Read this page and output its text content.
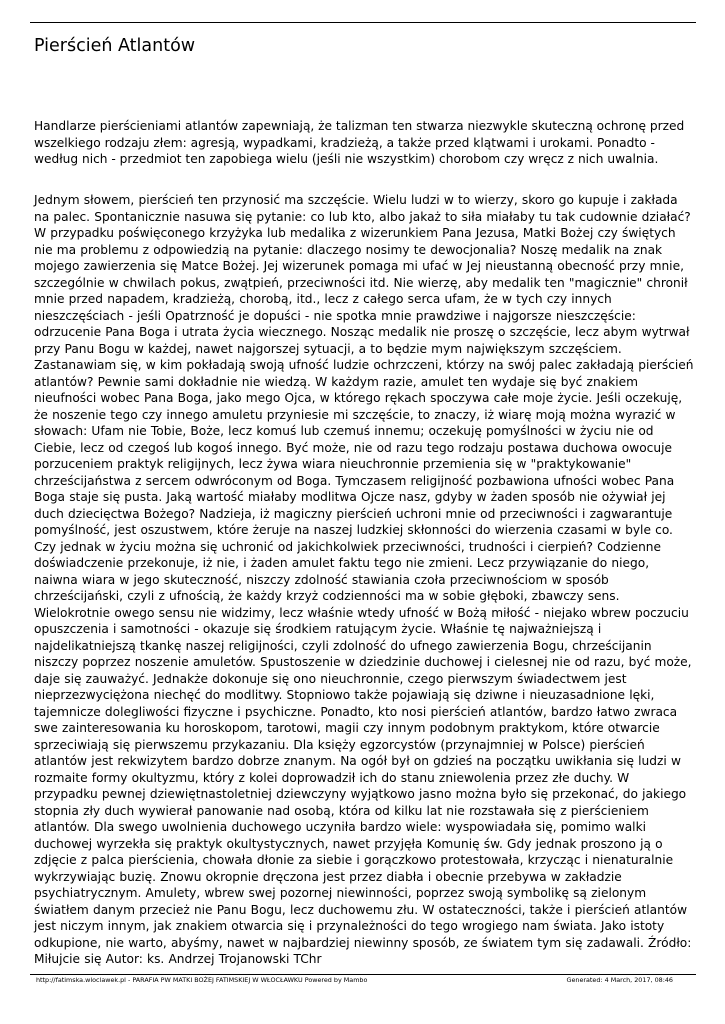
Pierścień Atlantów

Handlarze pierścieniami atlantów zapewniają, że talizman ten stwarza niezwykle skuteczną ochronę przed wszelkiego rodzaju złem: agresją, wypadkami, kradzieżą, a także przed klątwami i urokami. Ponadto - według nich - przedmiot ten zapobiega wielu (jeśli nie wszystkim) chorobom czy wręcz z nich uwalnia.

Jednym słowem, pierścień ten przynosić ma szczęście. Wielu ludzi w to wierzy, skoro go kupuje i zakłada na palec. Spontanicznie nasuwa się pytanie: co lub kto, albo jakaż to siła miałaby tu tak cudownie działać? W przypadku poświęconego krzyżyka lub medalika z wizerunkiem Pana Jezusa, Matki Bożej czy świętych nie ma problemu z odpowiedzią na pytanie: dlaczego nosimy te dewocjonalia? Noszę medalik na znak mojego zawierzenia się Matce Bożej. Jej wizerunek pomaga mi ufać w Jej nieustanną obecność przy mnie, szczególnie w chwilach pokus, zwątpień, przeciwności itd. Nie wierzę, aby medalik ten "magicznie" chronił mnie przed napadem, kradzieżą, chorobą, itd., lecz z całego serca ufam, że w tych czy innych nieszczęściach - jeśli Opatrzność je dopuści - nie spotka mnie prawdziwe i najgorsze nieszczęście: odrzucenie Pana Boga i utrata życia wiecznego. Nosząc medalik nie proszę o szczęście, lecz abym wytrwał przy Panu Bogu w każdej, nawet najgorszej sytuacji, a to będzie mym największym szczęściem. Zastanawiam się, w kim pokładają swoją ufność ludzie ochrzczeni, którzy na swój palec zakładają pierścień atlantów? Pewnie sami dokładnie nie wiedzą. W każdym razie, amulet ten wydaje się być znakiem nieufności wobec Pana Boga, jako mego Ojca, w którego rękach spoczywa całe moje życie. Jeśli oczekuję, że noszenie tego czy innego amuletu przyniesie mi szczęście, to znaczy, iż wiarę moją można wyrazić w słowach: Ufam nie Tobie, Boże, lecz komuś lub czemuś innemu; oczekuję pomyślności w życiu nie od Ciebie, lecz od czegoś lub kogoś innego. Być może, nie od razu tego rodzaju postawa duchowa owocuje porzuceniem praktyk religijnych, lecz żywa wiara nieuchronnie przemienia się w "praktykowanie" chrześcijaństwa z sercem odwróconym od Boga. Tymczasem religijność pozbawiona ufności wobec Pana Boga staje się pusta. Jaką wartość miałaby modlitwa Ojcze nasz, gdyby w żaden sposób nie ożywiał jej duch dziecięctwa Bożego? Nadzieja, iż magiczny pierścień uchroni mnie od przeciwności i zagwarantuje pomyślność, jest oszustwem, które żeruje na naszej ludzkiej skłonności do wierzenia czasami w byle co. Czy jednak w życiu można się uchronić od jakichkolwiek przeciwności, trudności i cierpień? Codzienne doświadczenie przekonuje, iż nie, i żaden amulet faktu tego nie zmieni. Lecz przywiązanie do niego, naiwna wiara w jego skuteczność, niszczy zdolność stawiania czoła przeciwnościom w sposób chrześcijański, czyli z ufnością, że każdy krzyż codzienności ma w sobie głęboki, zbawczy sens. Wielokrotnie owego sensu nie widzimy, lecz właśnie wtedy ufność w Bożą miłość - niejako wbrew poczuciu opuszczenia i samotności - okazuje się środkiem ratującym życie. Właśnie tę najważniejszą i najdelikatniejszą tkankę naszej religijności, czyli zdolność do ufnego zawierzenia Bogu, chrześcijanin niszczy poprzez noszenie amuletów. Spustoszenie w dziedzinie duchowej i cielesnej nie od razu, być może, daje się zauważyć. Jednakże dokonuje się ono nieuchronnie, czego pierwszym świadectwem jest nieprzezwyciężona niechęć do modlitwy. Stopniowo także pojawiają się dziwne i nieuzasadnione lęki, tajemnicze dolegliwości fizyczne i psychiczne. Ponadto, kto nosi pierścień atlantów, bardzo łatwo zwraca swe zainteresowania ku horoskopom, tarotowi, magii czy innym podobnym praktykom, które otwarcie sprzeciwiają się pierwszemu przykazaniu. Dla księży egzorcystów (przynajmniej w Polsce) pierścień atlantów jest rekwizytem bardzo dobrze znanym. Na ogół był on gdzieś na początku uwikłania się ludzi w rozmaite formy okultyzmu, który z kolei doprowadził ich do stanu zniewolenia przez złe duchy. W przypadku pewnej dziewiętnastoletniej dziewczyny wyjątkowo jasno można było się przekonać, do jakiego stopnia zły duch wywierał panowanie nad osobą, która od kilku lat nie rozstawała się z pierścieniem atlantów. Dla swego uwolnienia duchowego uczyniła bardzo wiele: wyspowiadała się, pomimo walki duchowej wyrzekła się praktyk okultystycznych, nawet przyjęła Komunię św. Gdy jednak proszono ją o zdjęcie z palca pierścienia, chowała dłonie za siebie i gorączkowo protestowała, krzycząc i nienaturalnie wykrzywiając buzię. Znowu okropnie dręczona jest przez diabła i obecnie przebywa w zakładzie psychiatrycznym. Amulety, wbrew swej pozornej niewinności, poprzez swoją symbolikę są zielonym światłem danym przecież nie Panu Bogu, lecz duchowemu złu. W ostateczności, także i pierścień atlantów jest niczym innym, jak znakiem otwarcia się i przynależności do tego wrogiego nam świata. Jako istoty odkupione, nie warto, abyśmy, nawet w najbardziej niewinny sposób, ze światem tym się zadawali. Źródło: Miłujcie się Autor: ks. Andrzej Trojanowski TChr

http://fatimska.wloclawek.pl - PARAFIA PW MATKI BOŻEJ FATIMSKIEJ W WŁOCŁAWKU Powered by Mambo	Generated: 4 March, 2017, 08:46
